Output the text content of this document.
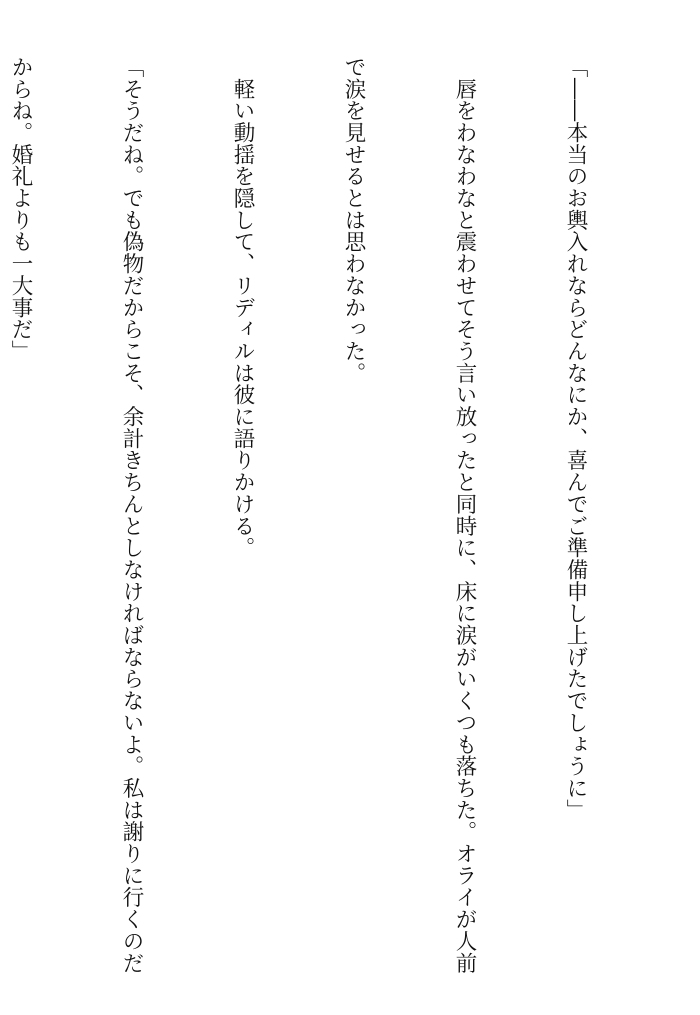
「――本当のお輿入れならどんなにか、喜んでご準備申し上げたでしょうに」

　唇をわなわなと震わせてそう言い放ったと同時に、床に涙がいくつも落ちた。オライが人前

で涙を見せるとは思わなかった。

　軽い動揺を隠して、リディルは彼に語りかける。

「そうだね。でも偽物だからこそ、余計きちんとしなければならないよ。私は謝りに行くのだ

からね。婚礼よりも一大事だ」
